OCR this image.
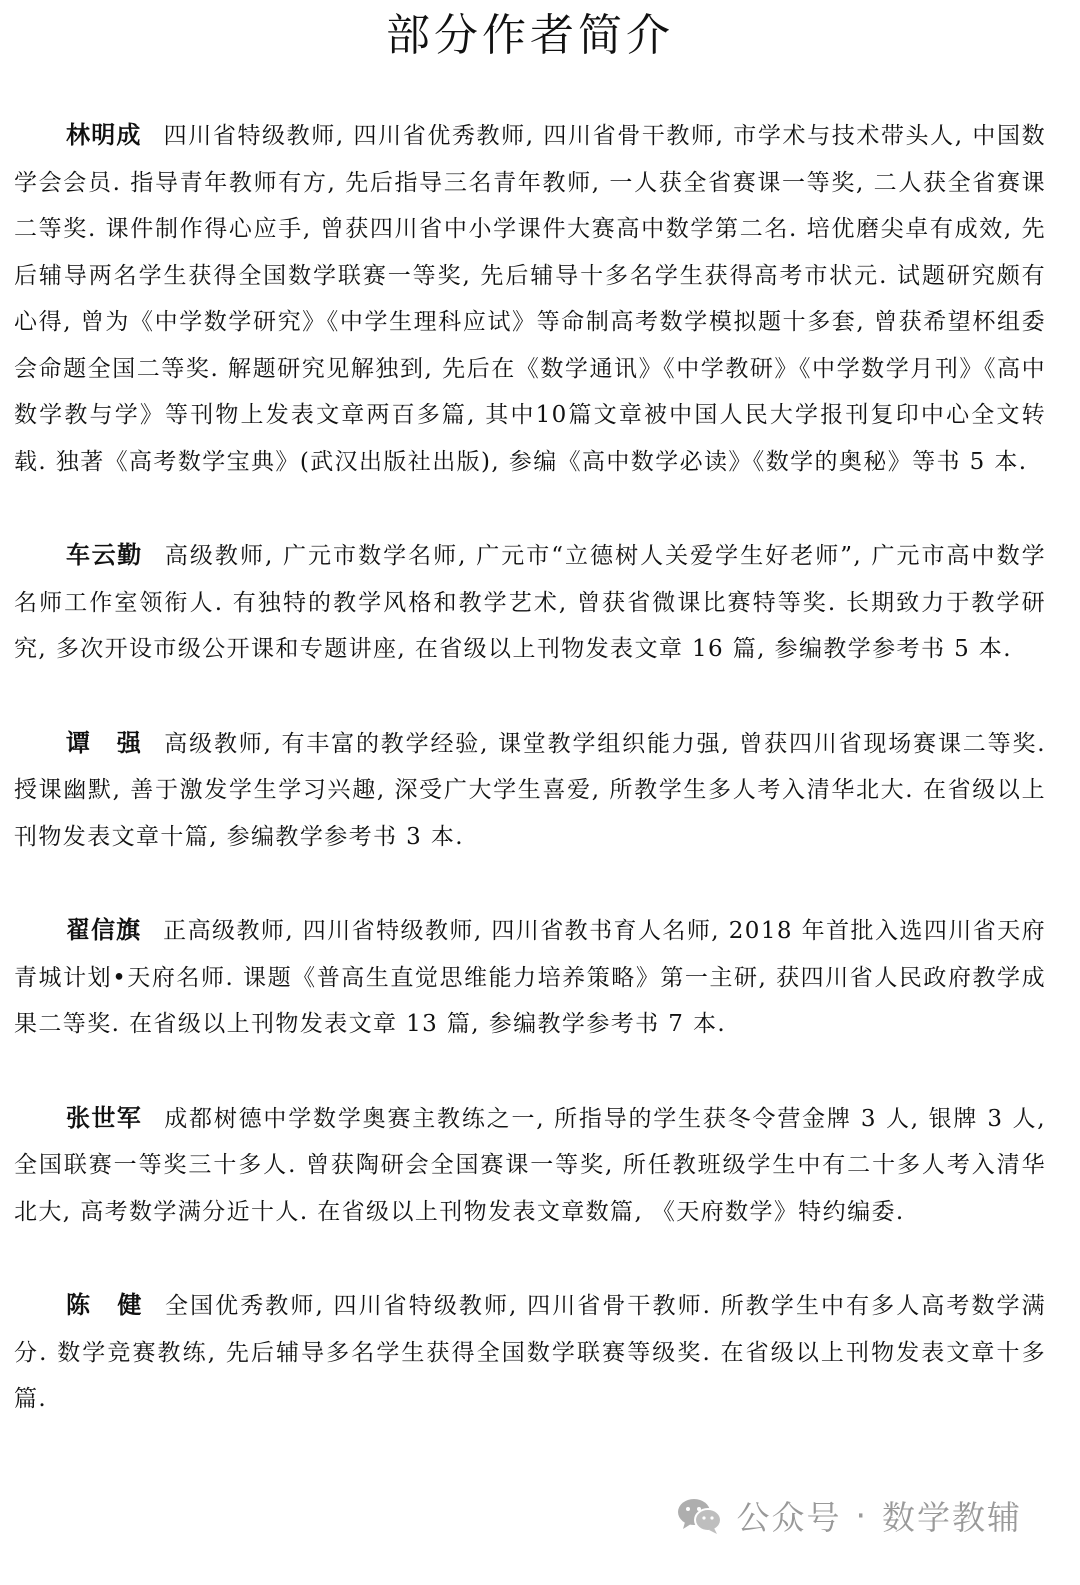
部分作者简介

林明成 四川省特级教师, 四川省优秀教师, 四川省骨干教师, 市学术与技术带头人, 中国数学会会员. 指导青年教师有方, 先后指导三名青年教师, 一人获全省赛课一等奖, 二人获全省赛课二等奖. 课件制作得心应手, 曾获四川省中小学课件大赛高中数学第二名. 培优磨尖卓有成效, 先后辅导两名学生获得全国数学联赛一等奖, 先后辅导十多名学生获得高考市状元. 试题研究颇有心得, 曾为《中学数学研究》《中学生理科应试》等命制高考数学模拟题十多套, 曾获希望杯组委会命题全国二等奖. 解题研究见解独到, 先后在《数学通讯》《中学教研》《中学数学月刊》《高中数学教与学》等刊物上发表文章两百多篇, 其中10篇文章被中国人民大学报刊复印中心全文转载. 独著《高考数学宝典》(武汉出版社出版), 参编《高中数学必读》《数学的奥秘》等书 5 本.

车云勤 高级教师, 广元市数学名师, 广元市“立德树人关爱学生好老师”, 广元市高中数学名师工作室领衔人. 有独特的教学风格和教学艺术, 曾获省微课比赛特等奖. 长期致力于教学研究, 多次开设市级公开课和专题讲座, 在省级以上刊物发表文章 16 篇, 参编教学参考书 5 本.

谭　强 高级教师, 有丰富的教学经验, 课堂教学组织能力强, 曾获四川省现场赛课二等奖. 授课幽默, 善于激发学生学习兴趣, 深受广大学生喜爱, 所教学生多人考入清华北大. 在省级以上刊物发表文章十篇, 参编教学参考书 3 本.

翟信旗 正高级教师, 四川省特级教师, 四川省教书育人名师, 2018 年首批入选四川省天府青城计划•天府名师. 课题《普高生直觉思维能力培养策略》第一主研, 获四川省人民政府教学成果二等奖. 在省级以上刊物发表文章 13 篇, 参编教学参考书 7 本.

张世军 成都树德中学数学奥赛主教练之一, 所指导的学生获冬令营金牌 3 人, 银牌 3 人, 全国联赛一等奖三十多人. 曾获陶研会全国赛课一等奖, 所任教班级学生中有二十多人考入清华北大, 高考数学满分近十人. 在省级以上刊物发表文章数篇, 《天府数学》特约编委.

陈　健 全国优秀教师, 四川省特级教师, 四川省骨干教师. 所教学生中有多人高考数学满分. 数学竞赛教练, 先后辅导多名学生获得全国数学联赛等级奖. 在省级以上刊物发表文章十多篇.

公众号 · 数学教辅
